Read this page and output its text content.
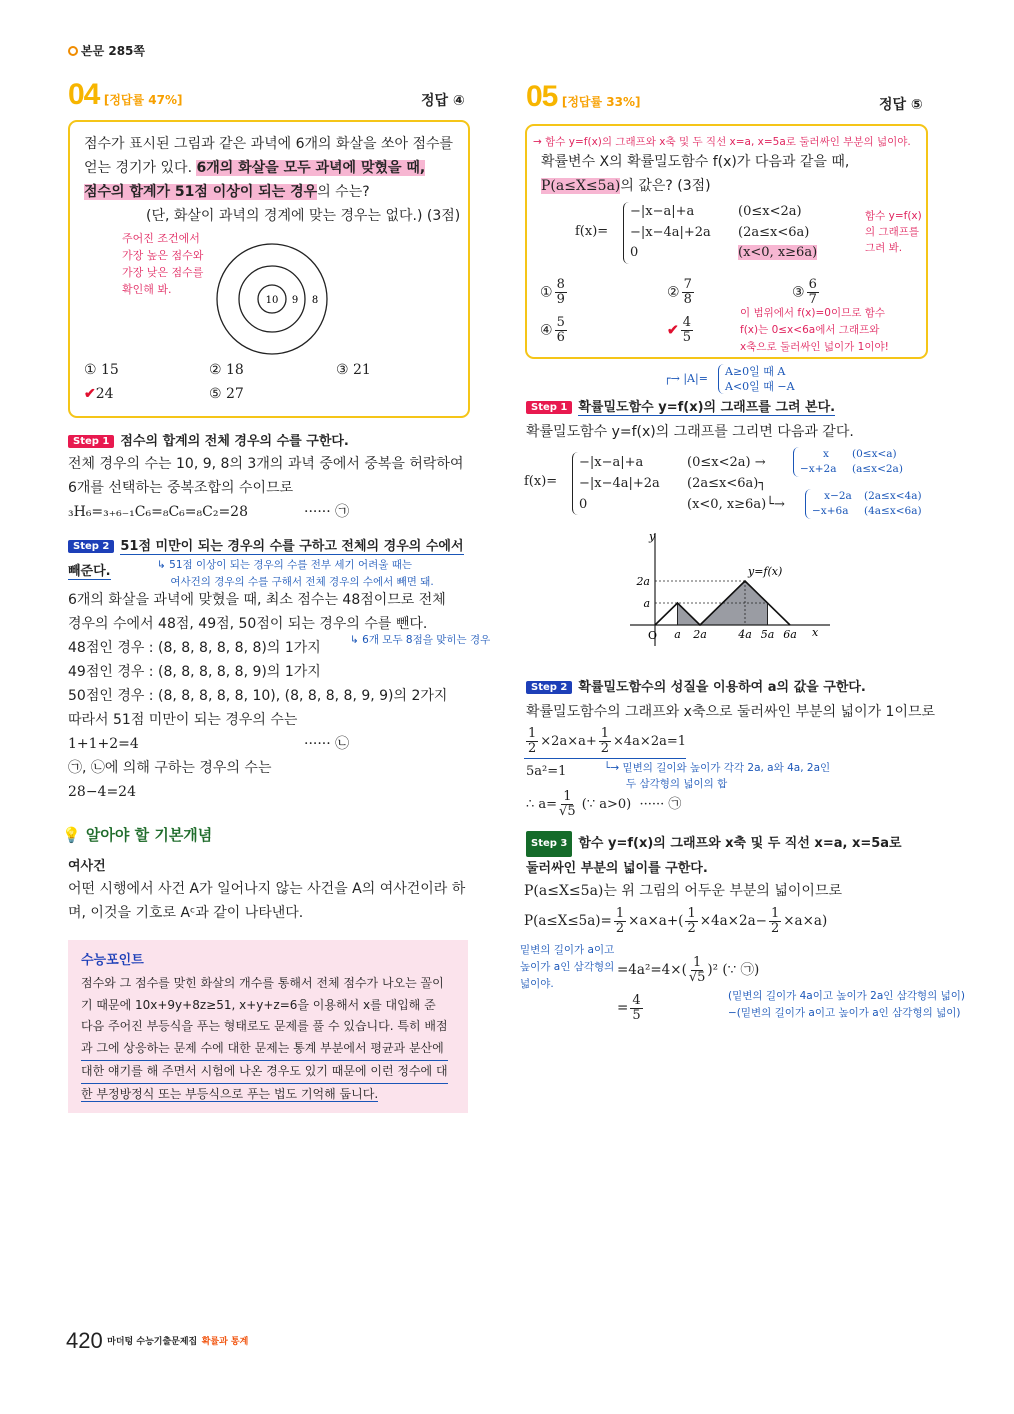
본문 285쪽
04 [정답률 47%]	정답 ④
점수가 표시된 그림과 같은 과녁에 6개의 화살을 쏘아 점수를
얻는 경기가 있다. 6개의 화살을 모두 과녁에 맞혔을 때,
점수의 합계가 51점 이상이 되는 경우의 수는?
(단, 화살이 과녁의 경계에 맞는 경우는 없다.) (3점)
주어진 조건에서
가장 높은 점수와
가장 낮은 점수를
확인해 봐.
10 9 8
① 15	② 18	③ 21
✔24	⑤ 27
Step 1 점수의 합계의 전체 경우의 수를 구한다.
전체 경우의 수는 10, 9, 8의 3개의 과녁 중에서 중복을 허락하여
6개를 선택하는 중복조합의 수이므로
₃H₆=₃₊₆₋₁C₆=₈C₆=₈C₂=28	······ ㉠
Step 2 51점 미만이 되는 경우의 수를 구하고 전체의 경우의 수에서
빼준다.	↳ 51점 이상이 되는 경우의 수를 전부 세기 어려울 때는
여사건의 경우의 수를 구해서 전체 경우의 수에서 빼면 돼.
6개의 화살을 과녁에 맞혔을 때, 최소 점수는 48점이므로 전체
경우의 수에서 48점, 49점, 50점이 되는 경우의 수를 뺀다.
48점인 경우 : (8, 8, 8, 8, 8, 8)의 1가지
49점인 경우 : (8, 8, 8, 8, 8, 9)의 1가지
50점인 경우 : (8, 8, 8, 8, 8, 10), (8, 8, 8, 8, 9, 9)의 2가지
따라서 51점 미만이 되는 경우의 수는
1+1+2=4	······ ㉡
㉠, ㉡에 의해 구하는 경우의 수는
28−4=24
↳ 6개 모두 8점을 맞히는 경우
💡 알아야 할 기본개념
여사건
어떤 시행에서 사건 A가 일어나지 않는 사건을 A의 여사건이라 하
며, 이것을 기호로 Aᶜ과 같이 나타낸다.
수능포인트
점수와 그 점수를 맞힌 화살의 개수를 통해서 전체 점수가 나오는 꼴이
기 때문에 10x+9y+8z≥51, x+y+z=6을 이용해서 x를 대입해 준
다음 주어진 부등식을 푸는 형태로도 문제를 풀 수 있습니다. 특히 배점
과 그에 상응하는 문제 수에 대한 문제는 통계 부분에서 평균과 분산에
대한 얘기를 해 주면서 시험에 나온 경우도 있기 때문에 이런 정수에 대
한 부정방정식 또는 부등식으로 푸는 법도 기억해 둡니다.
05 [정답률 33%]	정답 ⑤
→ 함수 y=f(x)의 그래프와 x축 및 두 직선 x=a, x=5a로 둘러싸인 부분의 넓이야.
확률변수 X의 확률밀도함수 f(x)가 다음과 같을 때,
P(a≤X≤5a)의 값은? (3점)
f(x)=
−|x−a|+a	(0≤x<2a)
−|x−4a|+2a (2a≤x<6a)
0	(x<0, x≥6a)
함수 y=f(x)
의 그래프를
그려 봐.
이 범위에서 f(x)=0이므로 함수
f(x)는 0≤x<6a에서 그래프와
x축으로 둘러싸인 넓이가 1이야!
① $\frac{8}{9}$	② $\frac{7}{8}$	③ $\frac{6}{7}$
④ $\frac{5}{6}$	✔ $\frac{4}{5}$
┌→ |A|=
A≥0일 때 A
A<0일 때 −A
Step 1 확률밀도함수 y=f(x)의 그래프를 그려 본다.
확률밀도함수 y=f(x)의 그래프를 그리면 다음과 같다.
f(x)=
−|x−a|+a	(0≤x<2a) →
−|x−4a|+2a (2a≤x<6a)┐
0	(x<0, x≥6a)└→
x (0≤x<a)
−x+2a (a≤x<2a)
x−2a (2a≤x<4a)
−x+6a (4a≤x<6a)
y
x
O
y=f(x)
a 2a	4a 5a 6a
a
2a
Step 2 확률밀도함수의 성질을 이용하여 a의 값을 구한다.
확률밀도함수의 그래프와 x축으로 둘러싸인 부분의 넓이가 1이므로
$\frac{1}{2} \times 2a\times a+ \frac{1}{2} \times 4a\times 2a=1$
5a²=1	└→ 밑변의 길이와 높이가 각각 2a, a와 4a, 2a인
두 삼각형의 넓이의 합
∴ $a= \frac{1}{√5}$ (∵ a>0) ······ ㉠
Step 3 함수 y=f(x)의 그래프와 x축 및 두 직선 x=a, x=5a로
둘러싸인 부분의 넓이를 구한다.
P(a≤X≤5a)는 위 그림의 어두운 부분의 넓이이므로
$P(a\le X\le 5a)= \frac{1}{2} \times a\times a+( \frac{1}{2} \times 4a\times 2a- \frac{1}{2} \times a\times a)$
밑변의 길이가 a이고
높이가 a인 삼각형의
넓이야.
$=4a^2=4\times( \frac{1}{√5} )^2$ (∵ ㉠)
= $\frac{4}{5}$	(밑변의 길이가 4a이고 높이가 2a인 삼각형의 넓이)
−(밑변의 길이가 a이고 높이가 a인 삼각형의 넓이)
420 $^{마더텅 수능기출문제집}$ $^{확률과 통계}$
